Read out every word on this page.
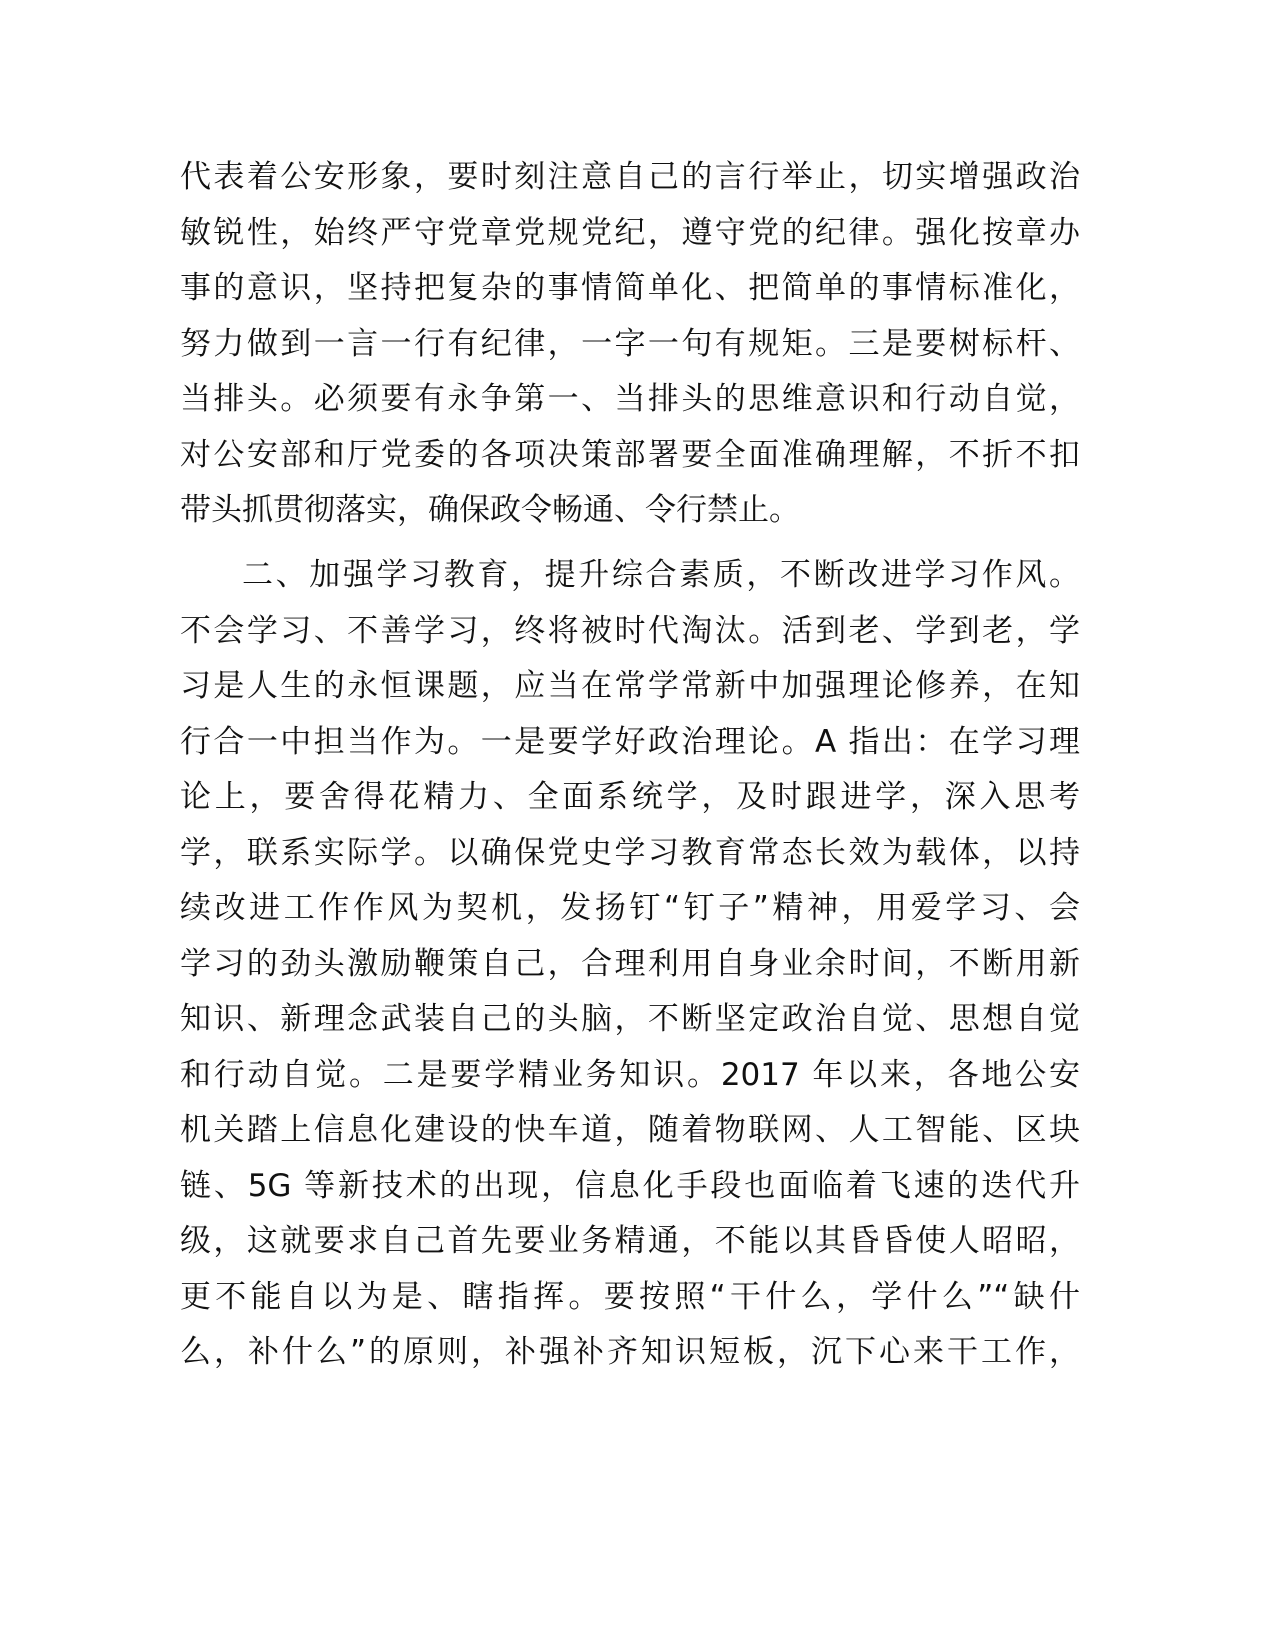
代表着公安形象，要时刻注意自己的言行举止，切实增强政治
敏锐性，始终严守党章党规党纪，遵守党的纪律。强化按章办
事的意识，坚持把复杂的事情简单化、把简单的事情标准化，
努力做到一言一行有纪律，一字一句有规矩。三是要树标杆、
当排头。必须要有永争第一、当排头的思维意识和行动自觉，
对公安部和厅党委的各项决策部署要全面准确理解，不折不扣
带头抓贯彻落实，确保政令畅通、令行禁止。
二、加强学习教育，提升综合素质，不断改进学习作风。
不会学习、不善学习，终将被时代淘汰。活到老、学到老，学
习是人生的永恒课题，应当在常学常新中加强理论修养，在知
行合一中担当作为。一是要学好政治理论。A 指出：在学习理
论上，要舍得花精力、全面系统学，及时跟进学，深入思考
学，联系实际学。以确保党史学习教育常态长效为载体，以持
续改进工作作风为契机，发扬钉“钉子”精神，用爱学习、会
学习的劲头激励鞭策自己，合理利用自身业余时间，不断用新
知识、新理念武装自己的头脑，不断坚定政治自觉、思想自觉
和行动自觉。二是要学精业务知识。2017 年以来，各地公安
机关踏上信息化建设的快车道，随着物联网、人工智能、区块
链、5G 等新技术的出现，信息化手段也面临着飞速的迭代升
级，这就要求自己首先要业务精通，不能以其昏昏使人昭昭，
更不能自以为是、瞎指挥。要按照“干什么，学什么”“缺什
么，补什么”的原则，补强补齐知识短板，沉下心来干工作，
